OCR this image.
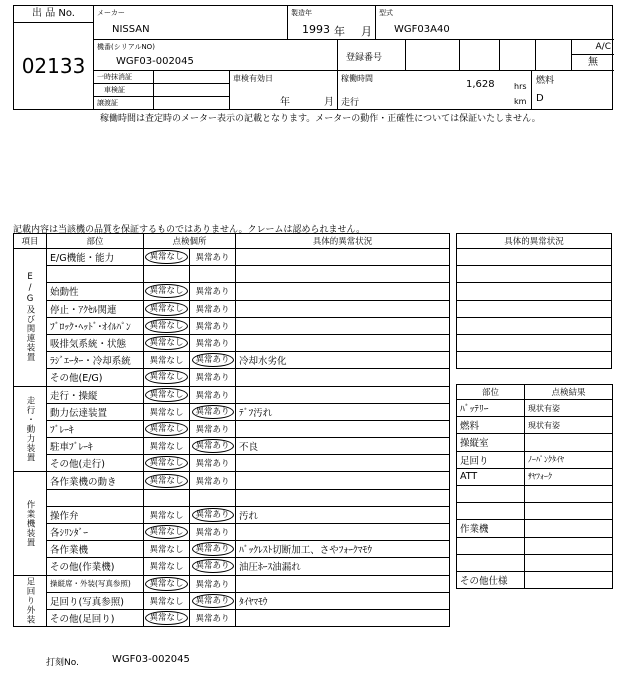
出 品 No.
02133
メーカー
NISSAN
製造年
1993 年 月
型式
WGF03A40
機番(シリアルNO)
WGF03-002045	登録番号
A/C
無
一時抹消証
車検証
譲渡証
車検有効日
年	月
稼働時間
1,628 hrs
走行	km
燃料
D
稼働時間は査定時のメーター表示の記載となります。メーターの動作・正確性については保証いたしません。
記載内容は当該機の品質を保証するものではありません。クレームは認められません。
項目	部位	点検個所		具体的異常状況
E/G及び関連装置	E/G機能・能力	異常なし	異常あり	

	始動性	異常なし	異常あり	
	停止・ｱｸｾﾙ関連	異常なし	異常あり	
	ﾌﾞﾛｯｸ･ﾍｯﾄﾞ･ｵｲﾙﾊﾟﾝ	異常なし	異常あり	
	吸排気系統・状態	異常なし	異常あり	
	ﾗｼﾞｴｰﾀｰ・冷却系統	異常なし	異常あり	冷却水劣化
	その他(E/G)	異常なし	異常あり	
走行・動力装置	走行・操縦	異常なし	異常あり	
	動力伝達装置	異常なし	異常あり	ﾃﾞﾌ汚れ
	ﾌﾞﾚｰｷ	異常なし	異常あり	
	駐車ﾌﾞﾚｰｷ	異常なし	異常あり	不良
	その他(走行)	異常なし	異常あり	
作業機装置	各作業機の動き	異常なし	異常あり	

	操作弁	異常なし	異常あり	汚れ
	各ｼﾘﾝﾀﾞｰ	異常なし	異常あり	
	各作業機	異常なし	異常あり	ﾊﾞｯｸﾚｽﾄ切断加工、さやﾌｫｰｸﾏﾓｳ
	その他(作業機)	異常なし	異常あり	油圧ﾎｰｽ油漏れ
足回り外装	操縦席・外装(写真参照)	異常なし	異常あり	
	足回り(写真参照)	異常なし	異常あり	ﾀｲﾔﾏﾓｳ
	その他(足回り)	異常なし	異常あり	
具体的異常状況

部位	点検結果
ﾊﾞｯﾃﾘｰ	現状有姿
燃料	現状有姿
操縦室	
足回り	ﾉｰﾊﾟﾝｸﾀｲﾔ
ATT	ｻﾔﾌｫｰｸ

作業機	

その他仕様	
打刻No.	WGF03-002045
